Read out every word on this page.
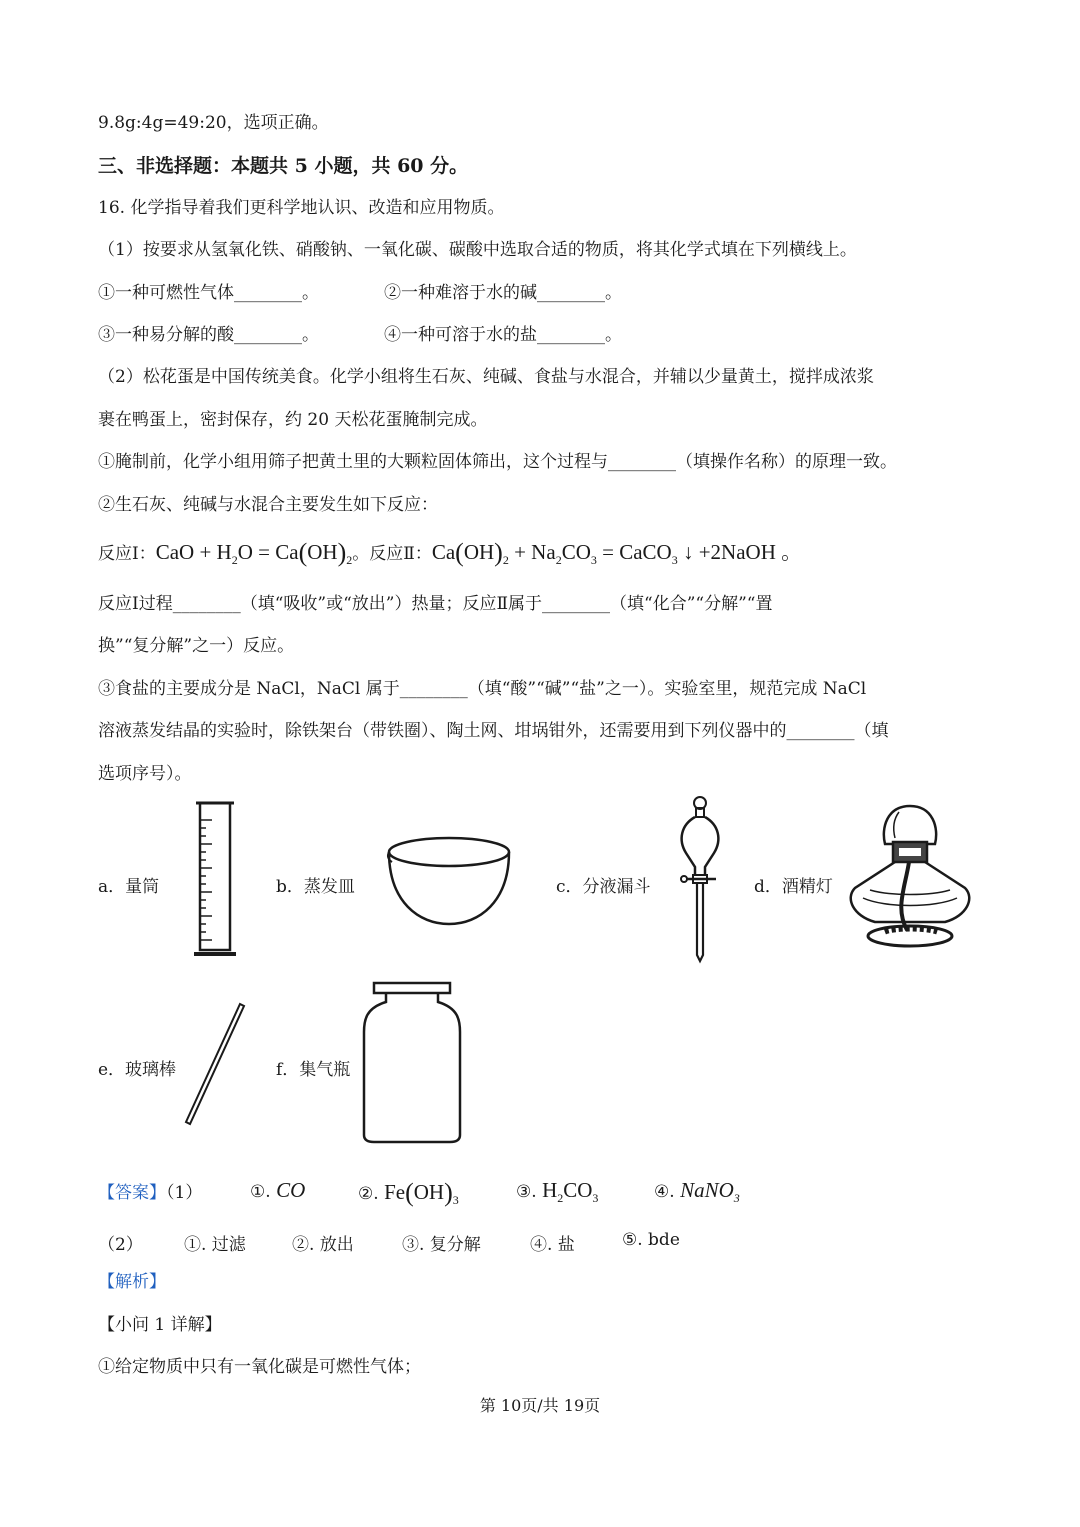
9.8g:4g=49:20，选项正确。
三、非选择题：本题共 5 小题，共 60 分。
16. 化学指导着我们更科学地认识、改造和应用物质。
（1）按要求从氢氧化铁、硝酸钠、一氧化碳、碳酸中选取合适的物质，将其化学式填在下列横线上。
①一种可燃性气体________。	②一种难溶于水的碱________。
③一种易分解的酸________。	④一种可溶于水的盐________。
（2）松花蛋是中国传统美食。化学小组将生石灰、纯碱、食盐与水混合，并辅以少量黄土，搅拌成浓浆
裹在鸭蛋上，密封保存，约 20 天松花蛋腌制完成。
①腌制前，化学小组用筛子把黄土里的大颗粒固体筛出，这个过程与________（填操作名称）的原理一致。
②生石灰、纯碱与水混合主要发生如下反应：
反应Ⅰ：CaO + $H_2O = Ca(OH)_2$。反应Ⅱ：$Ca(OH)_2 + Na_2CO_3$ = CaCO$_3$ ↓ +2NaOH 。
反应Ⅰ过程________（填“吸收”或“放出”）热量；反应Ⅱ属于________（填“化合”“分解”“置
换”“复分解”之一）反应。
③食盐的主要成分是 NaCl，NaCl 属于________（填“酸”“碱”“盐”之一）。实验室里，规范完成 NaCl
溶液蒸发结晶的实验时，除铁架台（带铁圈）、陶土网、坩埚钳外，还需要用到下列仪器中的________（填
选项序号）。
a．量筒	b．蒸发皿	c．分液漏斗	d．酒精灯
e．玻璃棒	f．集气瓶
【答案】（1）	①. CO	②. $Fe(OH)_3$	③. $H_2CO_3$	④. NaNO$_3$
（2） ①. 过滤	②. 放出	③. 复分解	④. 盐	⑤. bde
【解析】
【小问 1 详解】
①给定物质中只有一氧化碳是可燃性气体；
第 10页/共 19页
